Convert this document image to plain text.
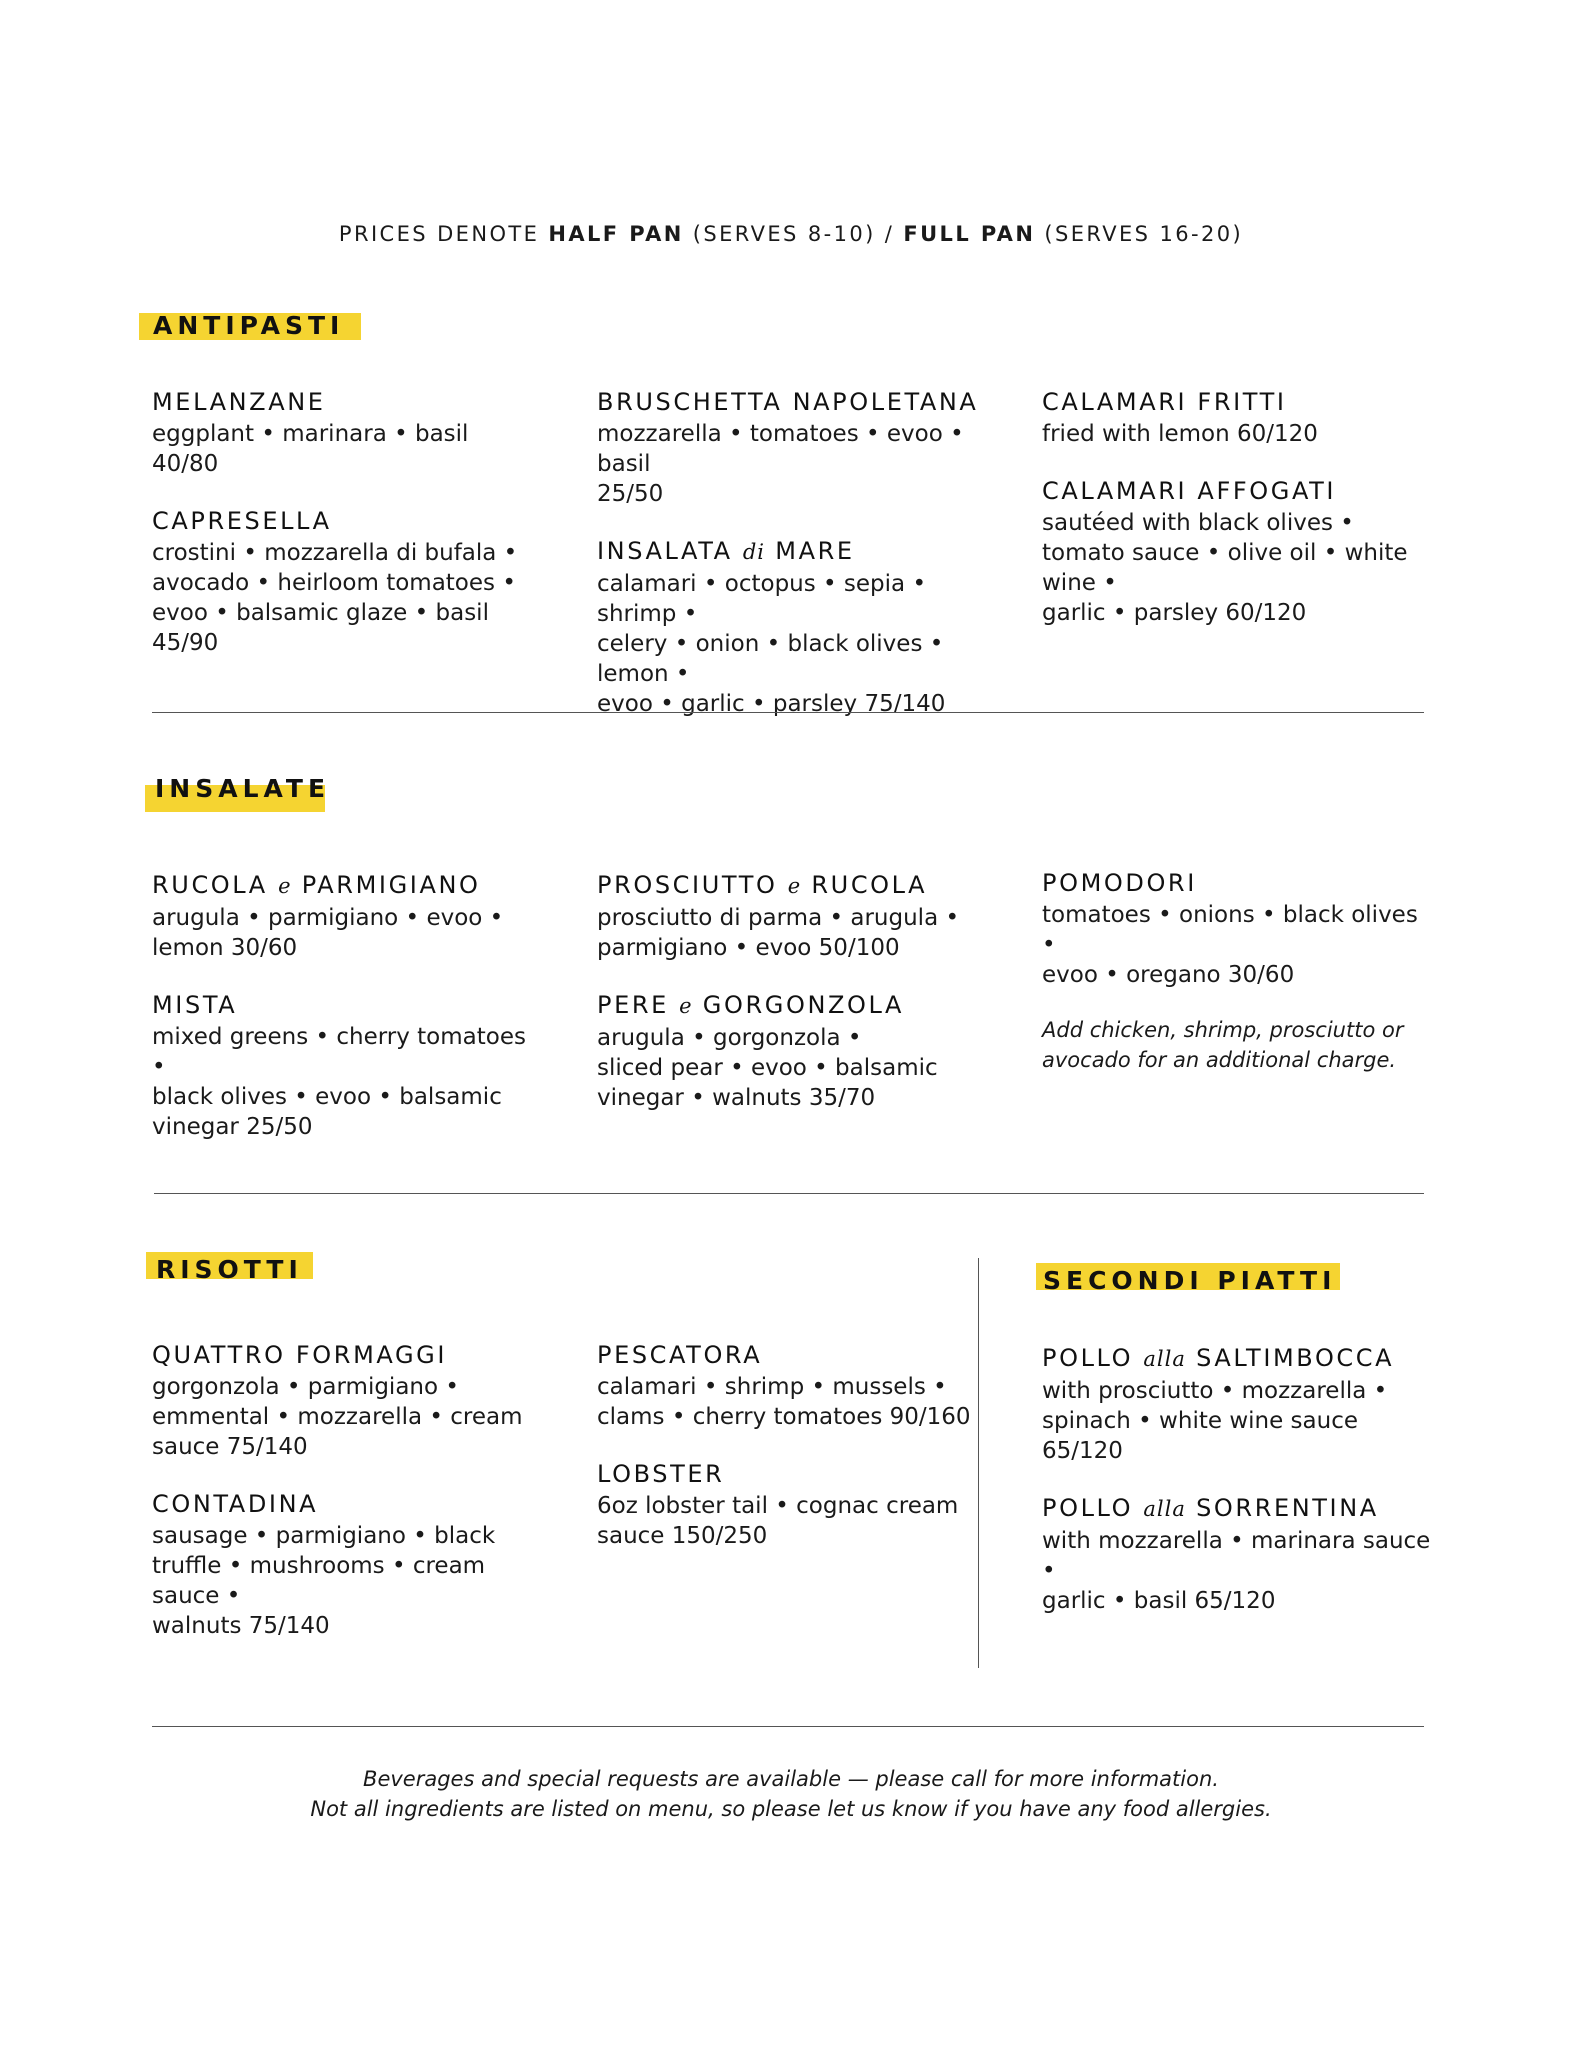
PRICES DENOTE HALF PAN (SERVES 8-10) / FULL PAN (SERVES 16-20)
ANTIPASTI
MELANZANE
eggplant • marinara • basil 40/80
CAPRESELLA
crostini • mozzarella di bufala •
avocado • heirloom tomatoes •
evoo • balsamic glaze • basil
45/90
BRUSCHETTA NAPOLETANA
mozzarella • tomatoes • evoo • basil
25/50
INSALATA di MARE
calamari • octopus • sepia • shrimp •
celery • onion • black olives • lemon •
evoo • garlic • parsley 75/140
CALAMARI FRITTI
fried with lemon 60/120
CALAMARI AFFOGATI
sautéed with black olives •
tomato sauce • olive oil • white wine •
garlic • parsley 60/120
INSALATE
RUCOLA e PARMIGIANO
arugula • parmigiano • evoo •
lemon 30/60
MISTA
mixed greens • cherry tomatoes •
black olives • evoo • balsamic
vinegar 25/50
PROSCIUTTO e RUCOLA
prosciutto di parma • arugula •
parmigiano • evoo 50/100
PERE e GORGONZOLA
arugula • gorgonzola •
sliced pear • evoo • balsamic
vinegar • walnuts 35/70
POMODORI
tomatoes • onions • black olives •
evoo • oregano 30/60
Add chicken, shrimp, prosciutto or
avocado for an additional charge.
RISOTTI
QUATTRO FORMAGGI
gorgonzola • parmigiano •
emmental • mozzarella • cream
sauce 75/140
CONTADINA
sausage • parmigiano • black
truffle • mushrooms • cream sauce •
walnuts 75/140
PESCATORA
calamari • shrimp • mussels •
clams • cherry tomatoes 90/160
LOBSTER
6oz lobster tail • cognac cream
sauce 150/250
SECONDI PIATTI
POLLO alla SALTIMBOCCA
with prosciutto • mozzarella •
spinach • white wine sauce 65/120
POLLO alla SORRENTINA
with mozzarella • marinara sauce •
garlic • basil 65/120
Beverages and special requests are available — please call for more information.
Not all ingredients are listed on menu, so please let us know if you have any food allergies.
